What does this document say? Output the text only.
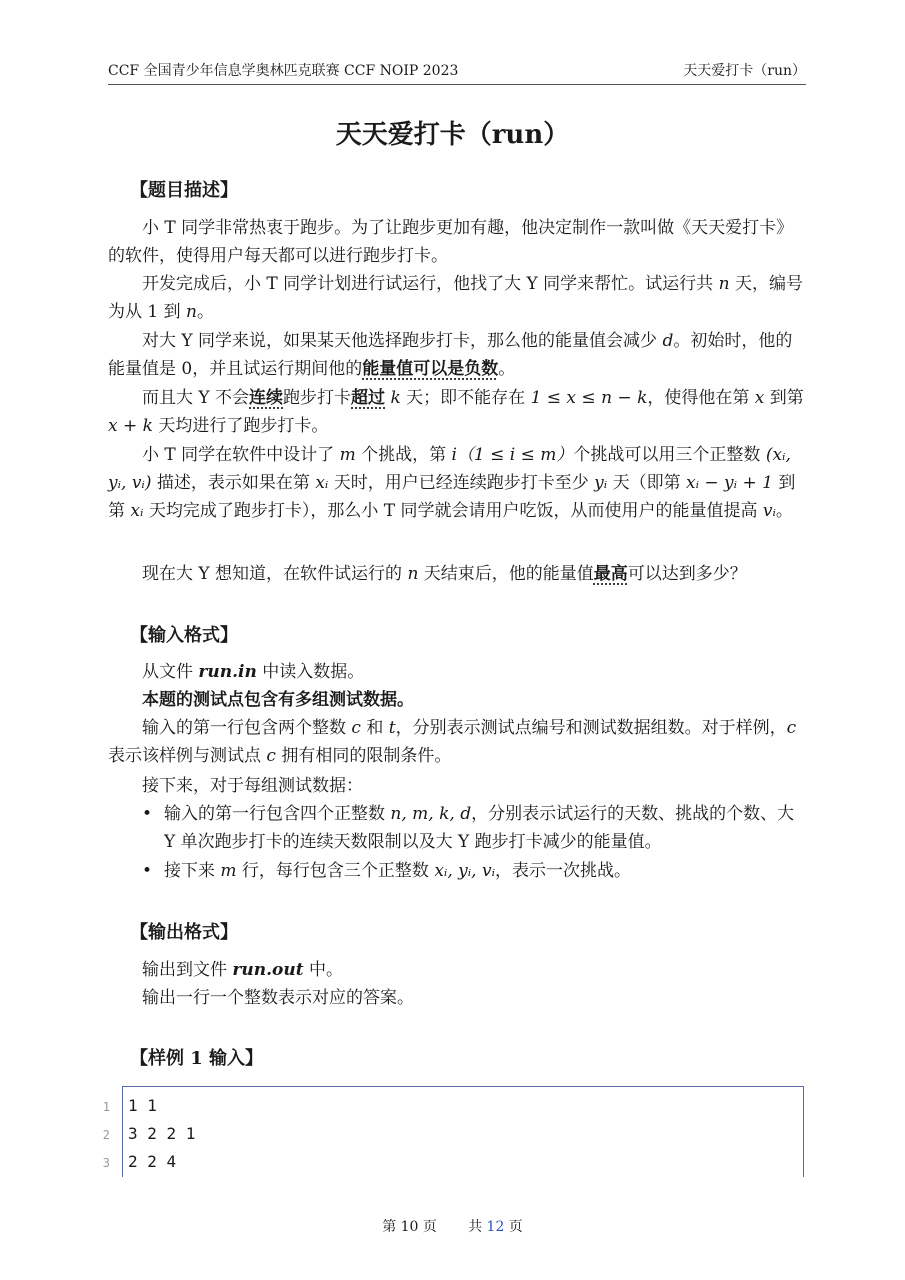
CCF 全国青少年信息学奥林匹克联赛 CCF NOIP 2023	天天爱打卡（run）
天天爱打卡（run）
【题目描述】
小 T 同学非常热衷于跑步。为了让跑步更加有趣，他决定制作一款叫做《天天爱打卡》的软件，使得用户每天都可以进行跑步打卡。
开发完成后，小 T 同学计划进行试运行，他找了大 Y 同学来帮忙。试运行共 n 天，编号为从 1 到 n。
对大 Y 同学来说，如果某天他选择跑步打卡，那么他的能量值会减少 d。初始时，他的能量值是 0，并且试运行期间他的能量值可以是负数。
而且大 Y 不会连续跑步打卡超过 k 天；即不能存在 1 ≤ x ≤ n − k，使得他在第 x 到第 x + k 天均进行了跑步打卡。
小 T 同学在软件中设计了 m 个挑战，第 i（1 ≤ i ≤ m）个挑战可以用三个正整数 (xᵢ, yᵢ, vᵢ) 描述，表示如果在第 xᵢ 天时，用户已经连续跑步打卡至少 yᵢ 天（即第 xᵢ − yᵢ + 1 到第 xᵢ 天均完成了跑步打卡），那么小 T 同学就会请用户吃饭，从而使用户的能量值提高 vᵢ。
现在大 Y 想知道，在软件试运行的 n 天结束后，他的能量值最高可以达到多少？
【输入格式】
从文件 run.in 中读入数据。
本题的测试点包含有多组测试数据。
输入的第一行包含两个整数 c 和 t，分别表示测试点编号和测试数据组数。对于样例，c 表示该样例与测试点 c 拥有相同的限制条件。
接下来，对于每组测试数据：
• 输入的第一行包含四个正整数 n, m, k, d，分别表示试运行的天数、挑战的个数、大 Y 单次跑步打卡的连续天数限制以及大 Y 跑步打卡减少的能量值。
• 接下来 m 行，每行包含三个正整数 xᵢ, yᵢ, vᵢ，表示一次挑战。
【输出格式】
输出到文件 run.out 中。
输出一行一个整数表示对应的答案。
【样例 1 输入】
1 1 1
2 3 2 2 1
3 2 2 4
第 10 页 共 12 页
